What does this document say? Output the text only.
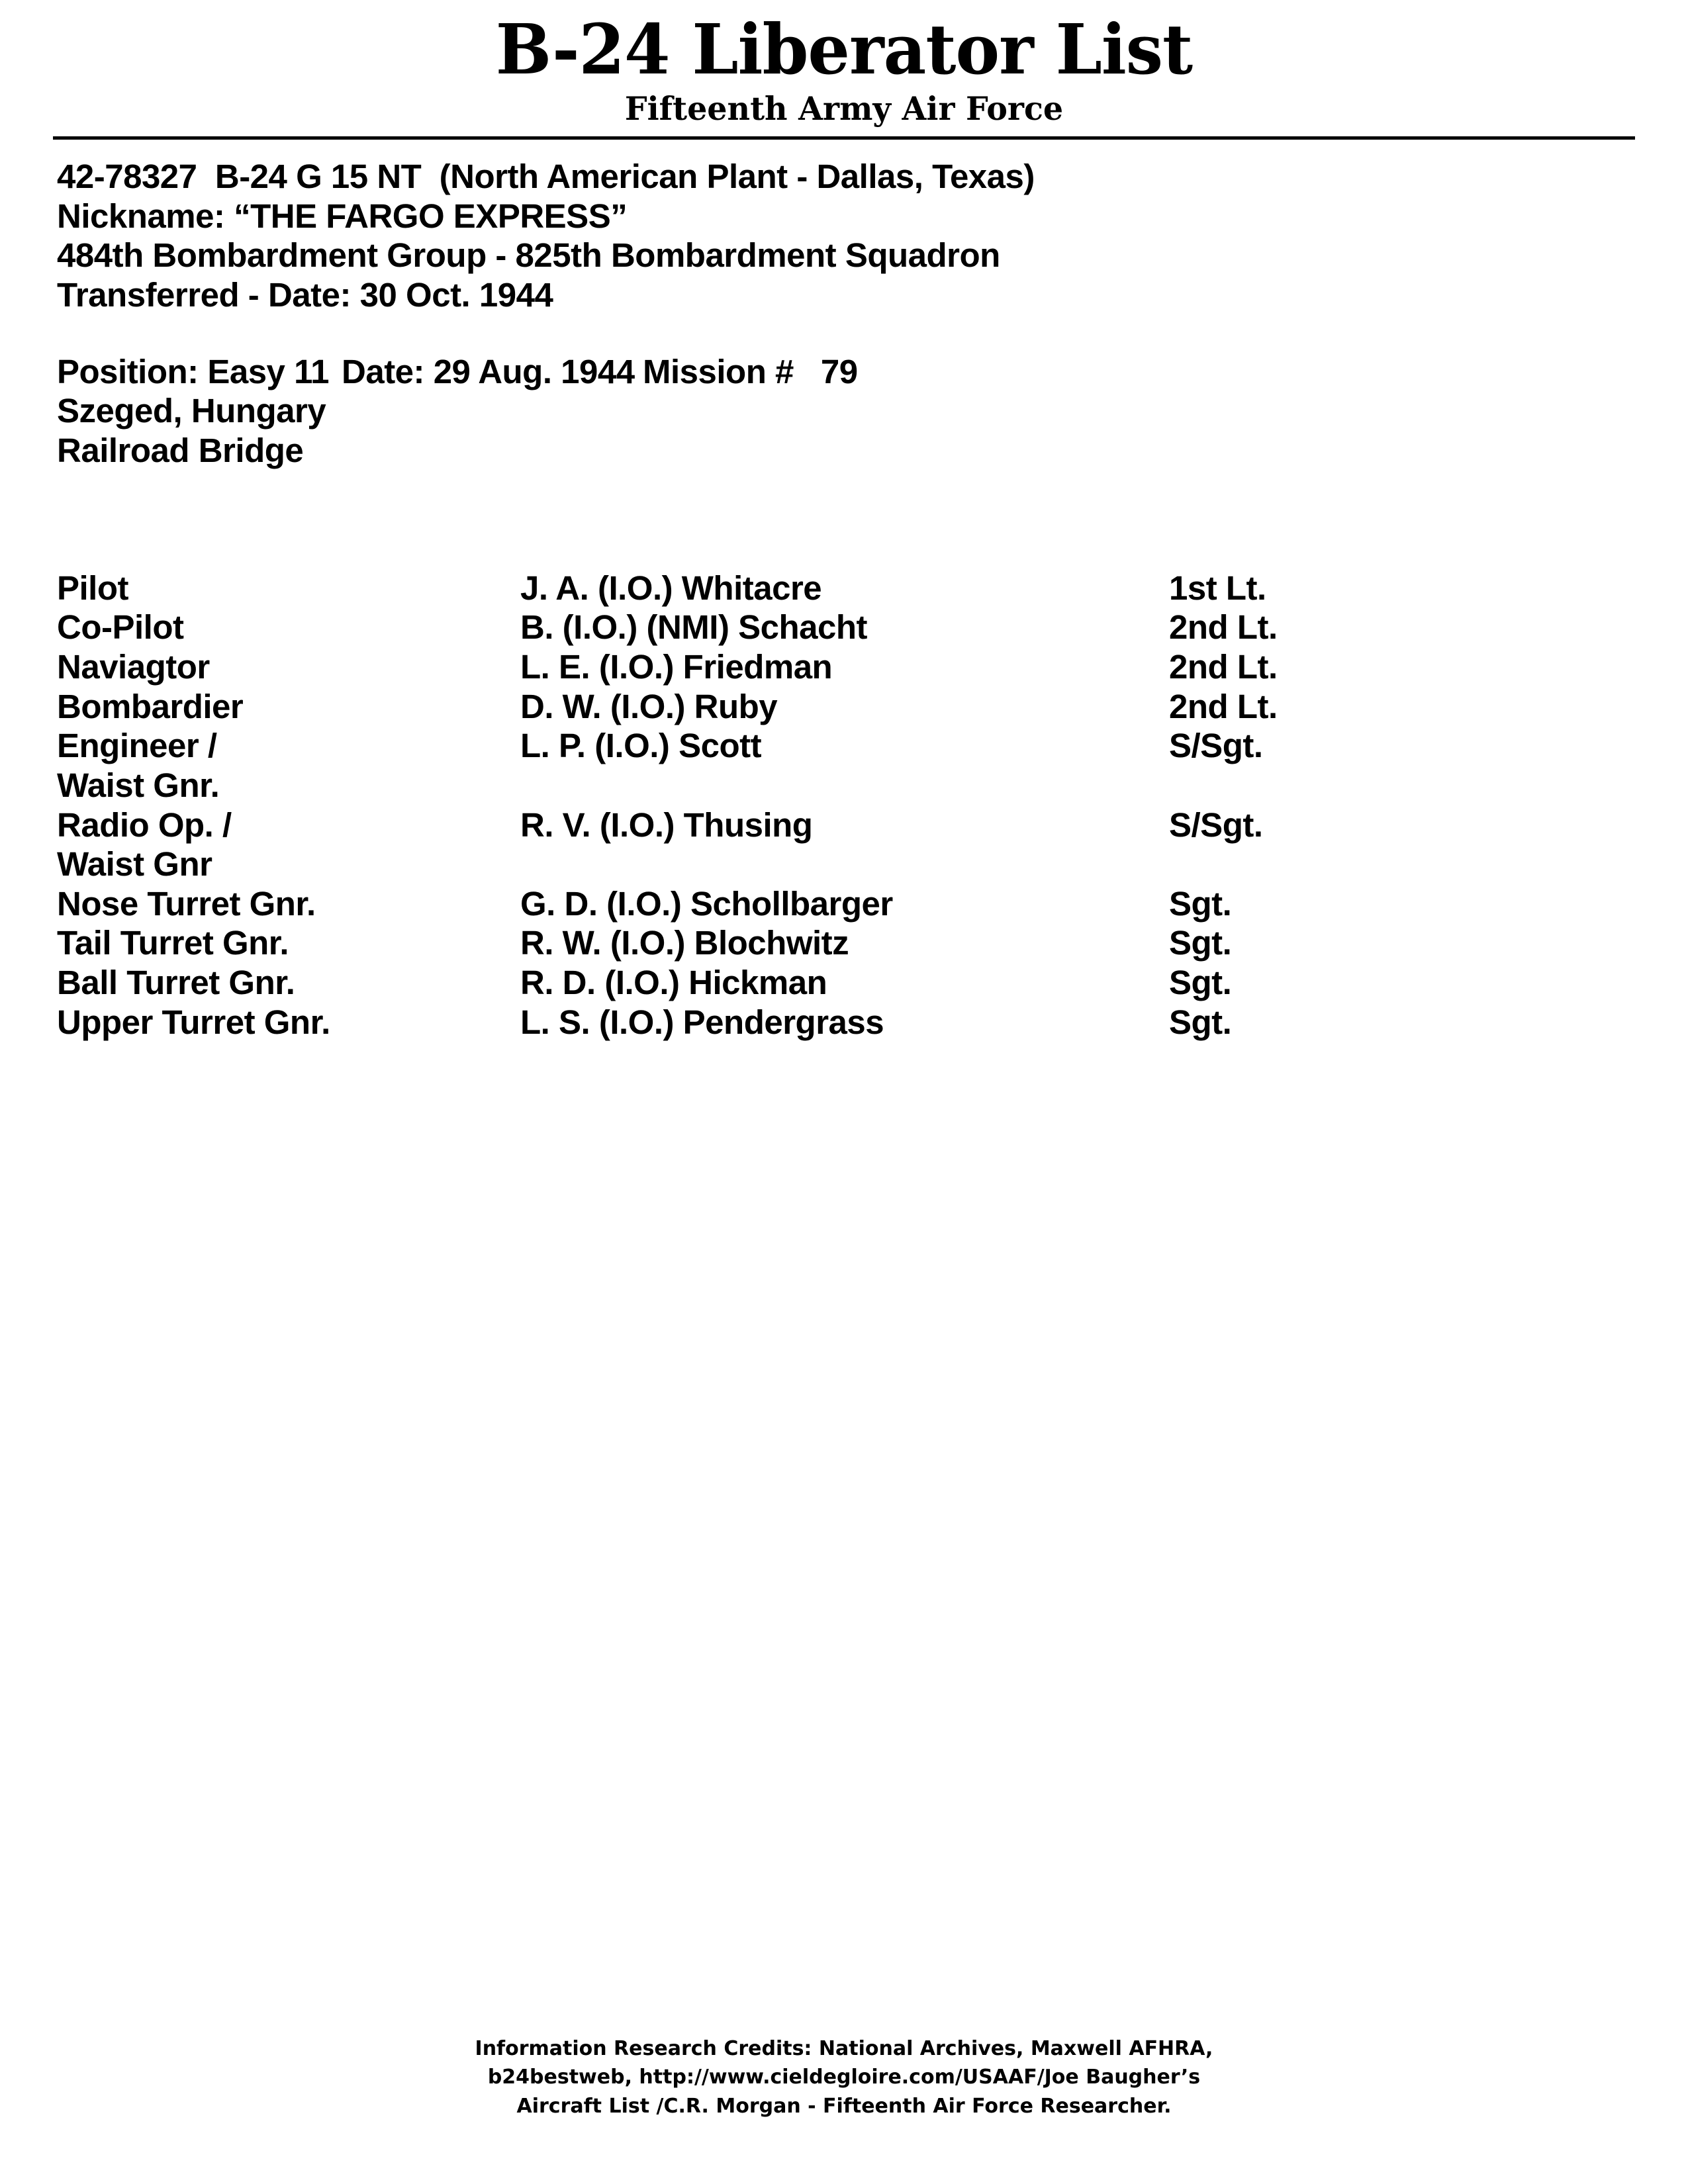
B-24 Liberator List
Fifteenth Army Air Force
42-78327  B-24 G 15 NT  (North American Plant - Dallas, Texas)
Nickname: “THE FARGO EXPRESS”
484th Bombardment Group - 825th Bombardment Squadron
Transferred - Date: 30 Oct. 1944
Position: Easy 11 Date: 29 Aug. 1944 Mission #   79
Szeged, Hungary
Railroad Bridge
Pilot	J. A. (I.O.) Whitacre	1st Lt.
Co-Pilot	B. (I.O.) (NMI) Schacht	2nd Lt.
Naviagtor	L. E. (I.O.) Friedman	2nd Lt.
Bombardier	D. W. (I.O.) Ruby	2nd Lt.
Engineer /
Waist Gnr.	L. P. (I.O.) Scott	S/Sgt.
Radio Op. /
Waist Gnr	R. V. (I.O.) Thusing	S/Sgt.
Nose Turret Gnr.	G. D. (I.O.) Schollbarger	Sgt.
Tail Turret Gnr.	R. W. (I.O.) Blochwitz	Sgt.
Ball Turret Gnr.	R. D. (I.O.) Hickman	Sgt.
Upper Turret Gnr.	L. S. (I.O.) Pendergrass	Sgt.
Information Research Credits: National Archives, Maxwell AFHRA,
b24bestweb, http://www.cieldegloire.com/USAAF/Joe Baugher’s
Aircraft List /C.R. Morgan - Fifteenth Air Force Researcher.
